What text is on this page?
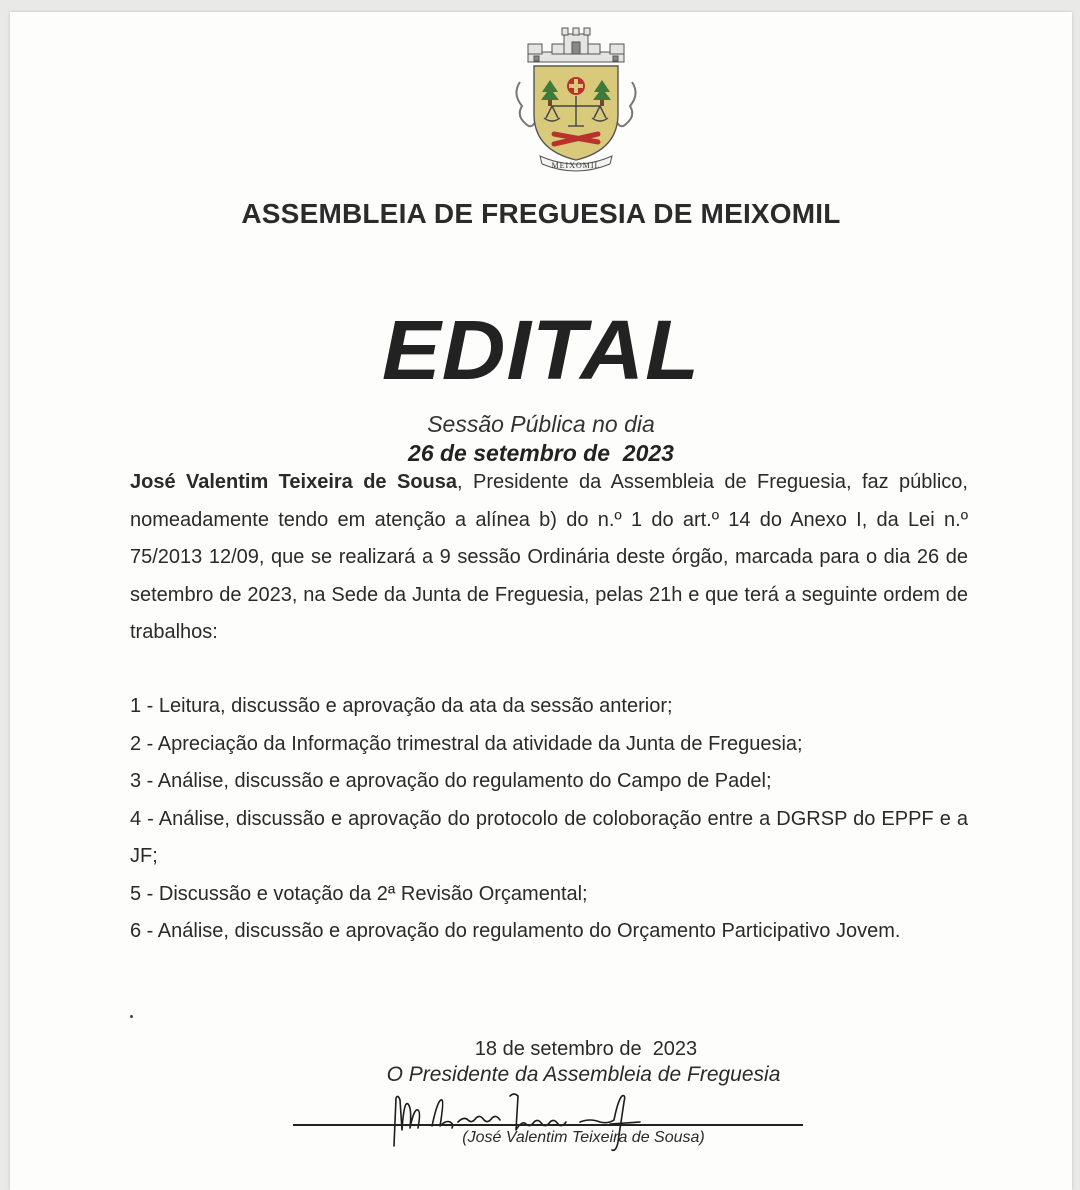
MEIXOMIL
ASSEMBLEIA DE FREGUESIA DE MEIXOMIL
EDITAL
Sessão Pública no dia
26 de setembro de  2023
José Valentim Teixeira de Sousa, Presidente da Assembleia de Freguesia, faz público, nomeadamente tendo em atenção a alínea b) do n.º 1 do art.º 14 do Anexo I, da Lei n.º 75/2013 12/09, que se realizará a 9 sessão Ordinária deste órgão, marcada para o dia 26 de setembro de 2023, na Sede da Junta de Freguesia, pelas 21h e que terá a seguinte ordem de trabalhos:
1 - Leitura, discussão e aprovação da ata da sessão anterior;
2 - Apreciação da Informação trimestral da atividade da Junta de Freguesia;
3 - Análise, discussão e aprovação do regulamento do Campo de Padel;
4 - Análise, discussão e aprovação do protocolo de coloboração entre a DGRSP do EPPF e a JF;
5 - Discussão e votação da 2ª Revisão Orçamental;
6 - Análise, discussão e aprovação do regulamento do Orçamento Participativo Jovem.
18 de setembro de  2023
O Presidente da Assembleia de Freguesia
(José Valentim Teixeira de Sousa)
